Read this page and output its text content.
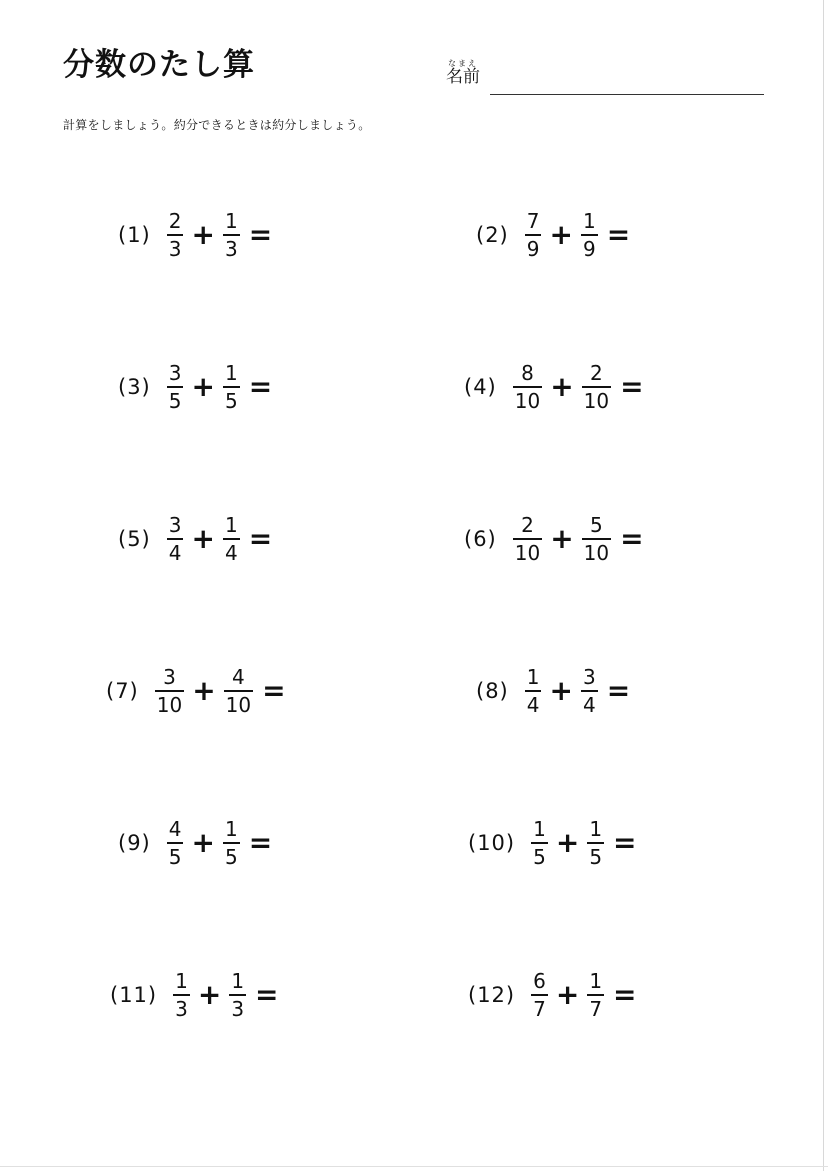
分数のたし算	なまえ
名前
計算をしましょう。約分できるときは約分しましょう。
$(1) \frac{2}{3} + \frac{1}{3}$ =	$(2) \frac{7}{9} + \frac{1}{9}$ =
$(3) \frac{3}{5} + \frac{1}{5}$ =	$(4) \frac{8}{10} + \frac{2}{10}$ =
$(5) \frac{3}{4} + \frac{1}{4}$ =	$(6) \frac{2}{10} + \frac{5}{10}$ =
$(7) \frac{3}{10} + \frac{4}{10}$ =	$(8) \frac{1}{4} + \frac{3}{4}$ =
$(9) \frac{4}{5} + \frac{1}{5}$ =	$(10) \frac{1}{5} + \frac{1}{5}$ =
$(11) \frac{1}{3} + \frac{1}{3}$ =	$(12) \frac{6}{7} + \frac{1}{7}$ =
